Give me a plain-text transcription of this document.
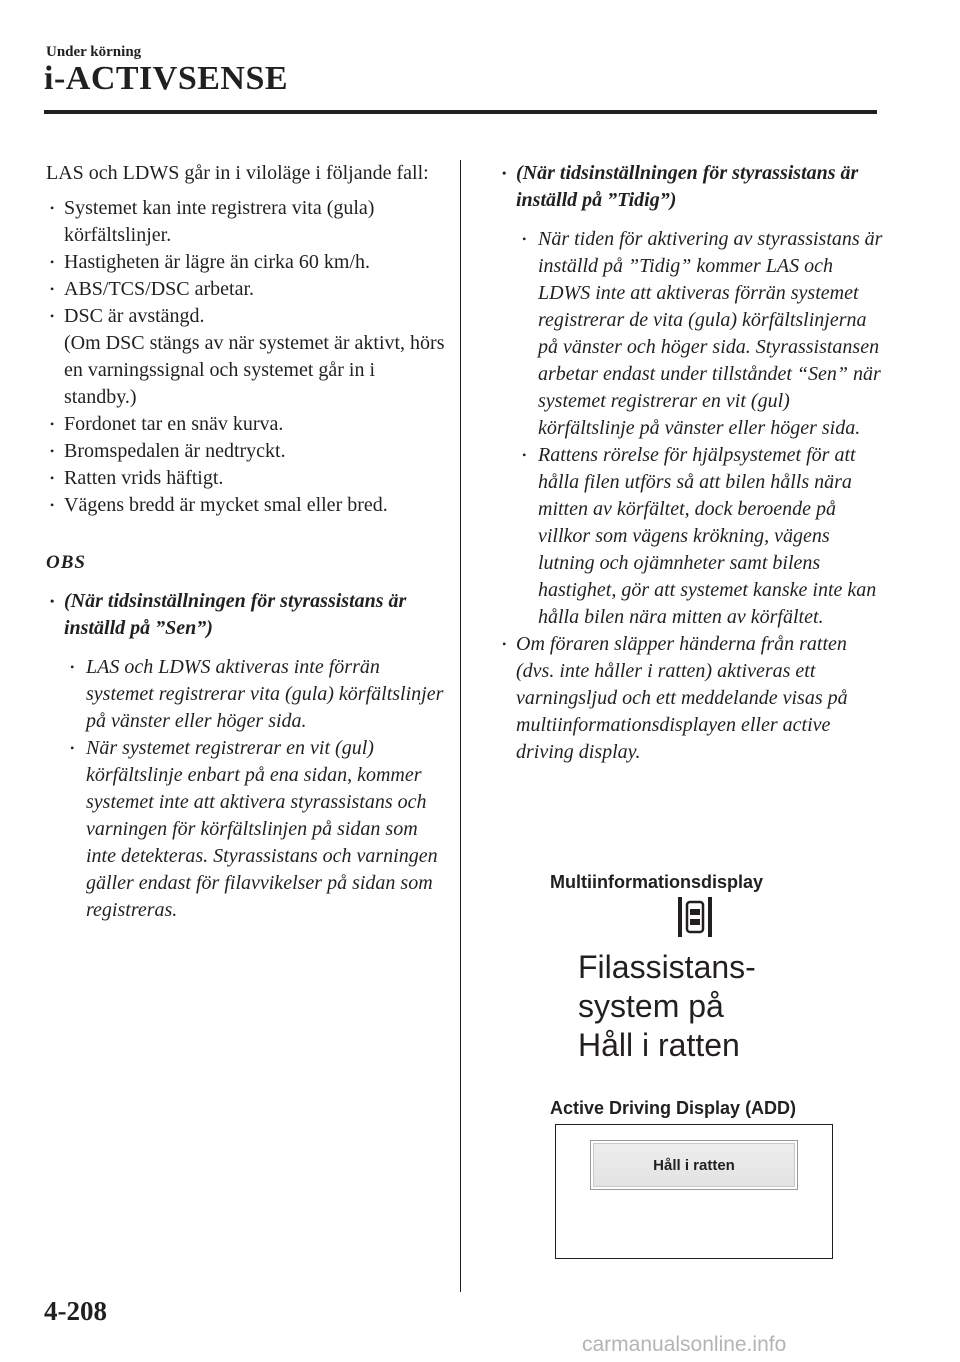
Under körning
i-ACTIVSENSE

LAS och LDWS går in i viloläge i följande fall:

• Systemet kan inte registrera vita (gula) körfältslinjer.
• Hastigheten är lägre än cirka 60 km/h.
• ABS/TCS/DSC arbetar.
• DSC är avstängd.
(Om DSC stängs av när systemet är aktivt, hörs en varningssignal och systemet går in i standby.)
• Fordonet tar en snäv kurva.
• Bromspedalen är nedtryckt.
• Ratten vrids häftigt.
• Vägens bredd är mycket smal eller bred.

OBS

• (När tidsinställningen för styrassistans är inställd på ”Sen”)
• LAS och LDWS aktiveras inte förrän systemet registrerar vita (gula) körfältslinjer på vänster eller höger sida.
• När systemet registrerar en vit (gul) körfältslinje enbart på ena sidan, kommer systemet inte att aktivera styrassistans och varningen för körfältslinjen på sidan som inte detekteras. Styrassistans och varningen gäller endast för filavvikelser på sidan som registreras.
• (När tidsinställningen för styrassistans är inställd på ”Tidig”)
• När tiden för aktivering av styrassistans är inställd på ”Tidig” kommer LAS och LDWS inte att aktiveras förrän systemet registrerar de vita (gula) körfältslinjerna på vänster och höger sida. Styrassistansen arbetar endast under tillståndet “Sen” när systemet registrerar en vit (gul) körfältslinje på vänster eller höger sida.
• Rattens rörelse för hjälpsystemet för att hålla filen utförs så att bilen hålls nära mitten av körfältet, dock beroende på villkor som vägens krökning, vägens lutning och ojämnheter samt bilens hastighet, gör att systemet kanske inte kan hålla bilen nära mitten av körfältet.
• Om föraren släpper händerna från ratten (dvs. inte håller i ratten) aktiveras ett varningsljud och ett meddelande visas på multiinformationsdisplayen eller active driving display.
Multiinformationsdisplay
Filassistans-
system på
Håll i ratten
Active Driving Display (ADD)
Håll i ratten
4-208
carmanualsonline.info
